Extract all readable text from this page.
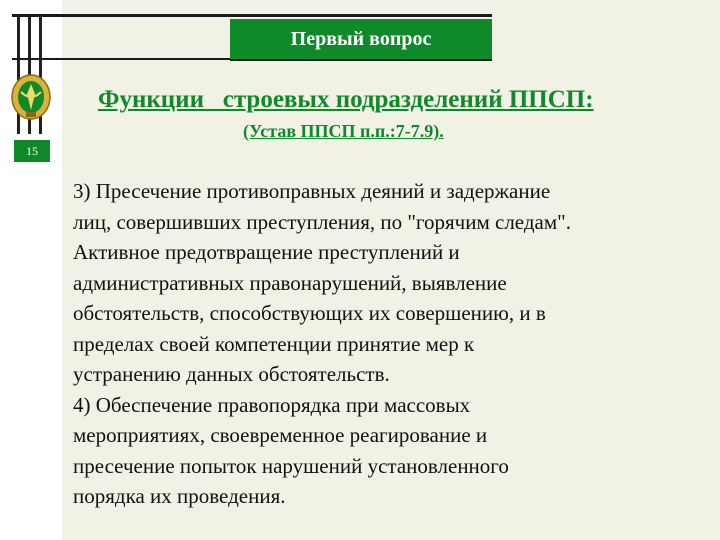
Первый вопрос
15
Функции   строевых подразделений ППСП:
(Устав ППСП п.п.:7-7.9).
3) Пресечение противоправных деяний и задержание
лиц, совершивших преступления, по "горячим следам".
Активное предотвращение преступлений и
административных правонарушений, выявление
обстоятельств, способствующих их совершению, и в
пределах своей компетенции принятие мер к
устранению данных обстоятельств.
4) Обеспечение правопорядка при массовых
мероприятиях, своевременное реагирование и
пресечение попыток нарушений установленного
порядка их проведения.
